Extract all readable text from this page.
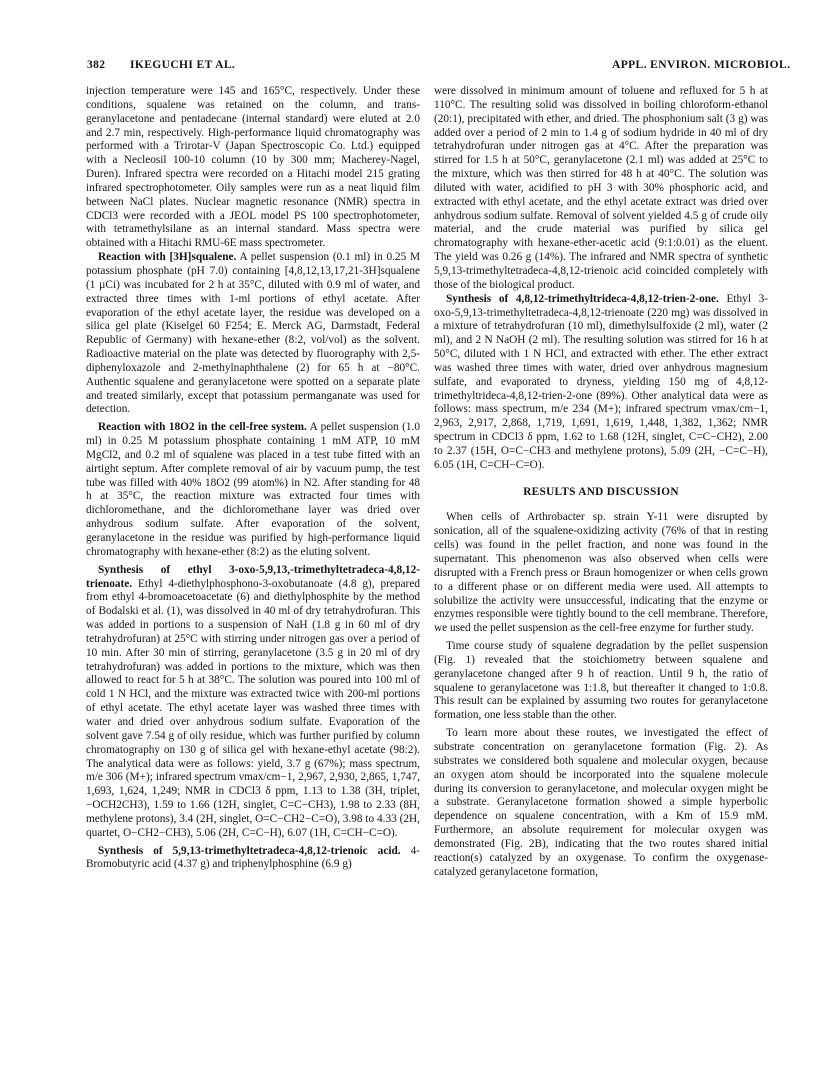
382 IKEGUCHI ET AL.	APPL. ENVIRON. MICROBIOL.

injection temperature were 145 and 165°C, respectively. Under these conditions, squalene was retained on the column, and trans-geranylacetone and pentadecane (internal standard) were eluted at 2.0 and 2.7 min, respectively. High-performance liquid chromatography was performed with a Trirotar-V (Japan Spectroscopic Co. Ltd.) equipped with a Necleosil 100-10 column (10 by 300 mm; Macherey-Nagel, Duren). Infrared spectra were recorded on a Hitachi model 215 grating infrared spectrophotometer. Oily samples were run as a neat liquid film between NaCl plates. Nuclear magnetic resonance (NMR) spectra in CDCl3 were recorded with a JEOL model PS 100 spectrophotometer, with tetramethylsilane as an internal standard. Mass spectra were obtained with a Hitachi RMU-6E mass spectrometer.

Reaction with [3H]squalene. A pellet suspension (0.1 ml) in 0.25 M potassium phosphate (pH 7.0) containing [4,8,12,13,17,21-3H]squalene (1 µCi) was incubated for 2 h at 35°C, diluted with 0.9 ml of water, and extracted three times with 1-ml portions of ethyl acetate. After evaporation of the ethyl acetate layer, the residue was developed on a silica gel plate (Kiselgel 60 F254; E. Merck AG, Darmstadt, Federal Republic of Germany) with hexane-ether (8:2, vol/vol) as the solvent. Radioactive material on the plate was detected by fluorography with 2,5-diphenyloxazole and 2-methylnaphthalene (2) for 65 h at −80°C. Authentic squalene and geranylacetone were spotted on a separate plate and treated similarly, except that potassium permanganate was used for detection.

Reaction with 18O2 in the cell-free system. A pellet suspension (1.0 ml) in 0.25 M potassium phosphate containing 1 mM ATP, 10 mM MgCl2, and 0.2 ml of squalene was placed in a test tube fitted with an airtight septum. After complete removal of air by vacuum pump, the test tube was filled with 40% 18O2 (99 atom%) in N2. After standing for 48 h at 35°C, the reaction mixture was extracted four times with dichloromethane, and the dichloromethane layer was dried over anhydrous sodium sulfate. After evaporation of the solvent, geranylacetone in the residue was purified by high-performance liquid chromatography with hexane-ether (8:2) as the eluting solvent.

Synthesis of ethyl 3-oxo-5,9,13,-trimethyltetradeca-4,8,12-trienoate. Ethyl 4-diethylphosphono-3-oxobutanoate (4.8 g), prepared from ethyl 4-bromoacetoacetate (6) and diethylphosphite by the method of Bodalski et al. (1), was dissolved in 40 ml of dry tetrahydrofuran. This was added in portions to a suspension of NaH (1.8 g in 60 ml of dry tetrahydrofuran) at 25°C with stirring under nitrogen gas over a period of 10 min. After 30 min of stirring, geranylacetone (3.5 g in 20 ml of dry tetrahydrofuran) was added in portions to the mixture, which was then allowed to react for 5 h at 38°C. The solution was poured into 100 ml of cold 1 N HCl, and the mixture was extracted twice with 200-ml portions of ethyl acetate. The ethyl acetate layer was washed three times with water and dried over anhydrous sodium sulfate. Evaporation of the solvent gave 7.54 g of oily residue, which was further purified by column chromatography on 130 g of silica gel with hexane-ethyl acetate (98:2). The analytical data were as follows: yield, 3.7 g (67%); mass spectrum, m/e 306 (M+); infrared spectrum νmax/cm−1, 2,967, 2,930, 2,865, 1,747, 1,693, 1,624, 1,249; NMR in CDCl3 δ ppm, 1.13 to 1.38 (3H, triplet, −OCH2CH3), 1.59 to 1.66 (12H, singlet, C=C−CH3), 1.98 to 2.33 (8H, methylene protons), 3.4 (2H, singlet, O=C−CH2−C=O), 3.98 to 4.33 (2H, quartet, O−CH2−CH3), 5.06 (2H, C=C−H), 6.07 (1H, C=CH−C=O).

Synthesis of 5,9,13-trimethyltetradeca-4,8,12-trienoic acid. 4-Bromobutyric acid (4.37 g) and triphenylphosphine (6.9 g)

were dissolved in minimum amount of toluene and refluxed for 5 h at 110°C. The resulting solid was dissolved in boiling chloroform-ethanol (20:1), precipitated with ether, and dried. The phosphonium salt (3 g) was added over a period of 2 min to 1.4 g of sodium hydride in 40 ml of dry tetrahydrofuran under nitrogen gas at 4°C. After the preparation was stirred for 1.5 h at 50°C, geranylacetone (2.1 ml) was added at 25°C to the mixture, which was then stirred for 48 h at 40°C. The solution was diluted with water, acidified to pH 3 with 30% phosphoric acid, and extracted with ethyl acetate, and the ethyl acetate extract was dried over anhydrous sodium sulfate. Removal of solvent yielded 4.5 g of crude oily material, and the crude material was purified by silica gel chromatography with hexane-ether-acetic acid (9:1:0.01) as the eluent. The yield was 0.26 g (14%). The infrared and NMR spectra of synthetic 5,9,13-trimethyltetradeca-4,8,12-trienoic acid coincided completely with those of the biological product.

Synthesis of 4,8,12-trimethyltrideca-4,8,12-trien-2-one. Ethyl 3-oxo-5,9,13-trimethyltetradeca-4,8,12-trienoate (220 mg) was dissolved in a mixture of tetrahydrofuran (10 ml), dimethylsulfoxide (2 ml), water (2 ml), and 2 N NaOH (2 ml). The resulting solution was stirred for 16 h at 50°C, diluted with 1 N HCl, and extracted with ether. The ether extract was washed three times with water, dried over anhydrous magnesium sulfate, and evaporated to dryness, yielding 150 mg of 4,8,12-trimethyltrideca-4,8,12-trien-2-one (89%). Other analytical data were as follows: mass spectrum, m/e 234 (M+); infrared spectrum νmax/cm−1, 2,963, 2,917, 2,868, 1,719, 1,691, 1,619, 1,448, 1,382, 1,362; NMR spectrum in CDCl3 δ ppm, 1.62 to 1.68 (12H, singlet, C=C−CH2), 2.00 to 2.37 (15H, O=C−CH3 and methylene protons), 5.09 (2H, −C=C−H), 6.05 (1H, C=CH−C=O).

RESULTS AND DISCUSSION

When cells of Arthrobacter sp. strain Y-11 were disrupted by sonication, all of the squalene-oxidizing activity (76% of that in resting cells) was found in the pellet fraction, and none was found in the supernatant. This phenomenon was also observed when cells were disrupted with a French press or Braun homogenizer or when cells grown to a different phase or on different media were used. All attempts to solubilize the activity were unsuccessful, indicating that the enzyme or enzymes responsible were tightly bound to the cell membrane. Therefore, we used the pellet suspension as the cell-free enzyme for further study.

Time course study of squalene degradation by the pellet suspension (Fig. 1) revealed that the stoichiometry between squalene and geranylacetone changed after 9 h of reaction. Until 9 h, the ratio of squalene to geranylacetone was 1:1.8, but thereafter it changed to 1:0.8. This result can be explained by assuming two routes for geranylacetone formation, one less stable than the other.

To learn more about these routes, we investigated the effect of substrate concentration on geranylacetone formation (Fig. 2). As substrates we considered both squalene and molecular oxygen, because an oxygen atom should be incorporated into the squalene molecule during its conversion to geranylacetone, and molecular oxygen might be a substrate. Geranylacetone formation showed a simple hyperbolic dependence on squalene concentration, with a Km of 15.9 mM. Furthermore, an absolute requirement for molecular oxygen was demonstrated (Fig. 2B), indicating that the two routes shared initial reaction(s) catalyzed by an oxygenase. To confirm the oxygenase-catalyzed geranylacetone formation,
